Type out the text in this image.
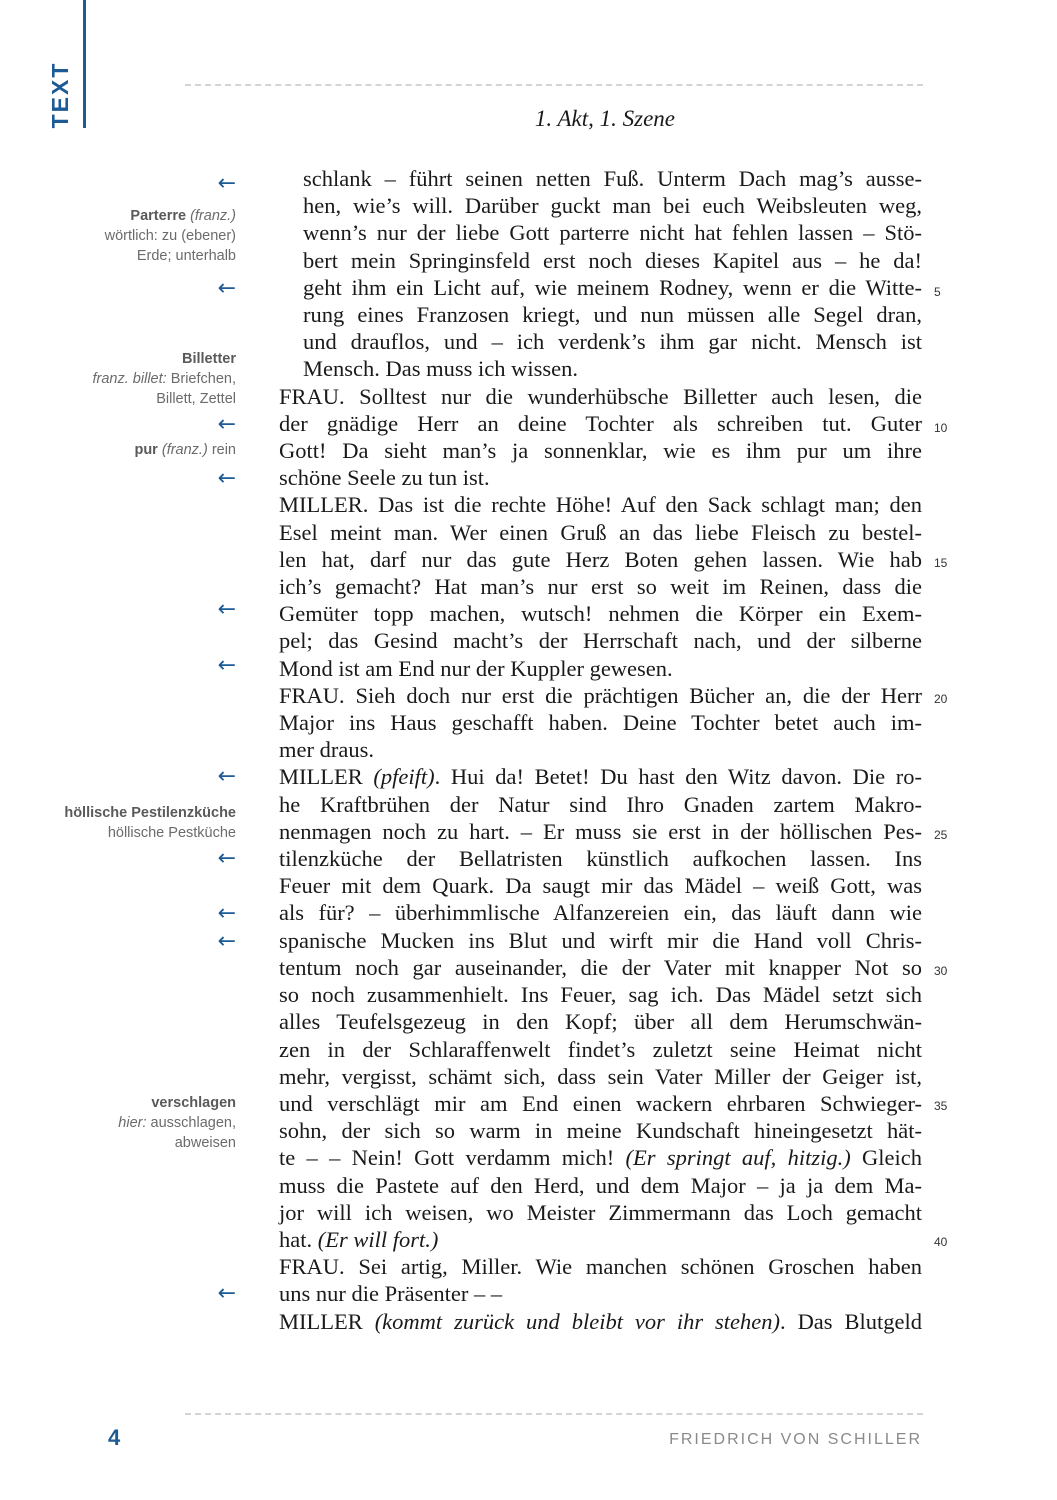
TEXT	1. Akt, 1. Szene
←
Parterre (franz.)
wörtlich: zu (ebener)
Erde; unterhalb
←
Billetter
franz. billet: Briefchen,
Billett, Zettel
←
pur (franz.) rein
←
←
←
←
höllische Pestilenzküche
höllische Pestküche
←
←
←
verschlagen
hier: ausschlagen,
abweisen
←
schlank – führt seinen netten Fuß. Unterm Dach mag’s ausse-
hen, wie’s will. Darüber guckt man bei euch Weibsleuten weg,
wenn’s nur der liebe Gott parterre nicht hat fehlen lassen – Stö-
bert mein Springinsfeld erst noch dieses Kapitel aus – he da!
geht ihm ein Licht auf, wie meinem Rodney, wenn er die Witte-
rung eines Franzosen kriegt, und nun müssen alle Segel dran,
und drauflos, und – ich verdenk’s ihm gar nicht. Mensch ist
Mensch. Das muss ich wissen.
FRAU. Solltest nur die wunderhübsche Billetter auch lesen, die
der gnädige Herr an deine Tochter als schreiben tut. Guter
Gott! Da sieht man’s ja sonnenklar, wie es ihm pur um ihre
schöne Seele zu tun ist.
MILLER. Das ist die rechte Höhe! Auf den Sack schlagt man; den
Esel meint man. Wer einen Gruß an das liebe Fleisch zu bestel-
len hat, darf nur das gute Herz Boten gehen lassen. Wie hab
ich’s gemacht? Hat man’s nur erst so weit im Reinen, dass die
Gemüter topp machen, wutsch! nehmen die Körper ein Exem-
pel; das Gesind macht’s der Herrschaft nach, und der silberne
Mond ist am End nur der Kuppler gewesen.
FRAU. Sieh doch nur erst die prächtigen Bücher an, die der Herr
Major ins Haus geschafft haben. Deine Tochter betet auch im-
mer draus.
MILLER (pfeift). Hui da! Betet! Du hast den Witz davon. Die ro-
he Kraftbrühen der Natur sind Ihro Gnaden zartem Makro-
nenmagen noch zu hart. – Er muss sie erst in der höllischen Pes-
tilenzküche der Bellatristen künstlich aufkochen lassen. Ins
Feuer mit dem Quark. Da saugt mir das Mädel – weiß Gott, was
als für? – überhimmlische Alfanzereien ein, das läuft dann wie
spanische Mucken ins Blut und wirft mir die Hand voll Chris-
tentum noch gar auseinander, die der Vater mit knapper Not so
so noch zusammenhielt. Ins Feuer, sag ich. Das Mädel setzt sich
alles Teufelsgezeug in den Kopf; über all dem Herumschwän-
zen in der Schlaraffenwelt findet’s zuletzt seine Heimat nicht
mehr, vergisst, schämt sich, dass sein Vater Miller der Geiger ist,
und verschlägt mir am End einen wackern ehrbaren Schwieger-
sohn, der sich so warm in meine Kundschaft hineingesetzt hät-
te – – Nein! Gott verdamm mich! (Er springt auf, hitzig.) Gleich
muss die Pastete auf den Herd, und dem Major – ja ja dem Ma-
jor will ich weisen, wo Meister Zimmermann das Loch gemacht
hat. (Er will fort.)
FRAU. Sei artig, Miller. Wie manchen schönen Groschen haben
uns nur die Präsenter – –
MILLER (kommt zurück und bleibt vor ihr stehen). Das Blutgeld
5
10
15
20
25
30
35
40
4	FRIEDRICH VON SCHILLER
